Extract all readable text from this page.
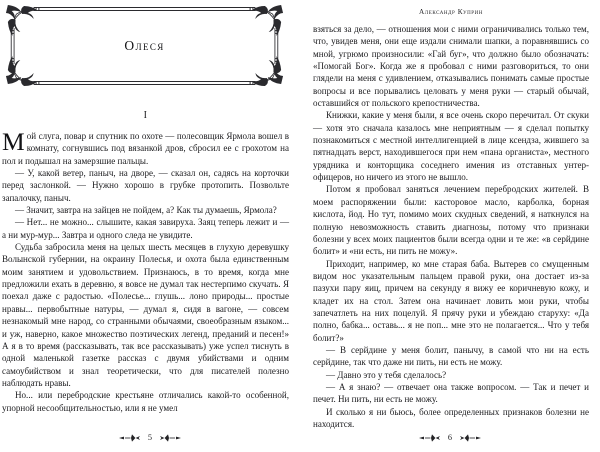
Олеся
I

Мой слуга, повар и спутник по охоте — полесовщик Ярмола вошел в комнату, согнувшись под вязанкой дров, сбросил ее с грохотом на пол и подышал на замерзшие пальцы.

— У, какой ветер, паныч, на дворе, — сказал он, садясь на корточки перед заслонкой. — Нужно хорошо в грубке протопить. Позвольте запалочку, паныч.

— Значит, завтра на зайцев не пойдем, а? Как ты думаешь, Ярмола?

— Нет... не можно... слышите, какая завируха. Заяц теперь лежит и — а ни мур-мур... Завтра и одного следа не увидите.

Судьба забросила меня на целых шесть месяцев в глухую деревушку Волынской губернии, на окраину Полесья, и охота была единственным моим занятием и удовольствием. Признаюсь, в то время, когда мне предложили ехать в деревню, я вовсе не думал так нестерпимо скучать. Я поехал даже с радостью. «Полесье... глушь... лоно природы... простые нравы... первобытные натуры, — думал я, сидя в вагоне, — совсем незнакомый мне народ, со странными обычаями, своеобразным языком... и уж, наверно, какое множество поэтических легенд, преданий и песен!» А я в то время (рассказывать, так все рассказывать) уже успел тиснуть в одной маленькой газетке рассказ с двумя убийствами и одним самоубийством и знал теоретически, что для писателей полезно наблюдать нравы.

Но... или перебродские крестьяне отличались какой-то особенной, упорной несообщительностью, или я не умел

5
Александр Куприн

взяться за дело, — отношения мои с ними ограничивались только тем, что, увидев меня, они еще издали снимали шапки, а поравнявшись со мной, угрюмо произносили: «Гай буг», что должно было обозначать: «Помогай Бог». Когда же я пробовал с ними разговориться, то они глядели на меня с удивлением, отказывались понимать самые простые вопросы и все порывались целовать у меня руки — старый обычай, оставшийся от польского крепостничества.

Книжки, какие у меня были, я все очень скоро перечитал. От скуки — хотя это сначала казалось мне неприятным — я сделал попытку познакомиться с местной интеллигенцией в лице ксендза, жившего за пятнадцать верст, находившегося при нем «пана органиста», местного урядника и конторщика соседнего имения из отставных унтер-офицеров, но ничего из этого не вышло.

Потом я пробовал заняться лечением перебродских жителей. В моем распоряжении были: касторовое масло, карболка, борная кислота, йод. Но тут, помимо моих скудных сведений, я наткнулся на полную невозможность ставить диагнозы, потому что признаки болезни у всех моих пациентов были всегда одни и те же: «в серйдине болит» и «ни есть, ни пить не можу».

Приходит, например, ко мне старая баба. Вытерев со смущенным видом нос указательным пальцем правой руки, она достает из-за пазухи пару яиц, причем на секунду я вижу ее коричневую кожу, и кладет их на стол. Затем она начинает ловить мои руки, чтобы запечатлеть на них поцелуй. Я прячу руки и убеждаю старуху: «Да полно, бабка... оставь... я не поп... мне это не полагается... Что у тебя болит?»

— В серйдине у меня болит, панычу, в самой что ни на есть серйдине, так что даже ни пить, ни есть не можу.

— Давно это у тебя сделалось?

— А я знаю? — отвечает она также вопросом. — Так и печет и печет. Ни пить, ни есть не можу.

И сколько я ни бьюсь, более определенных признаков болезни не находится.

6
